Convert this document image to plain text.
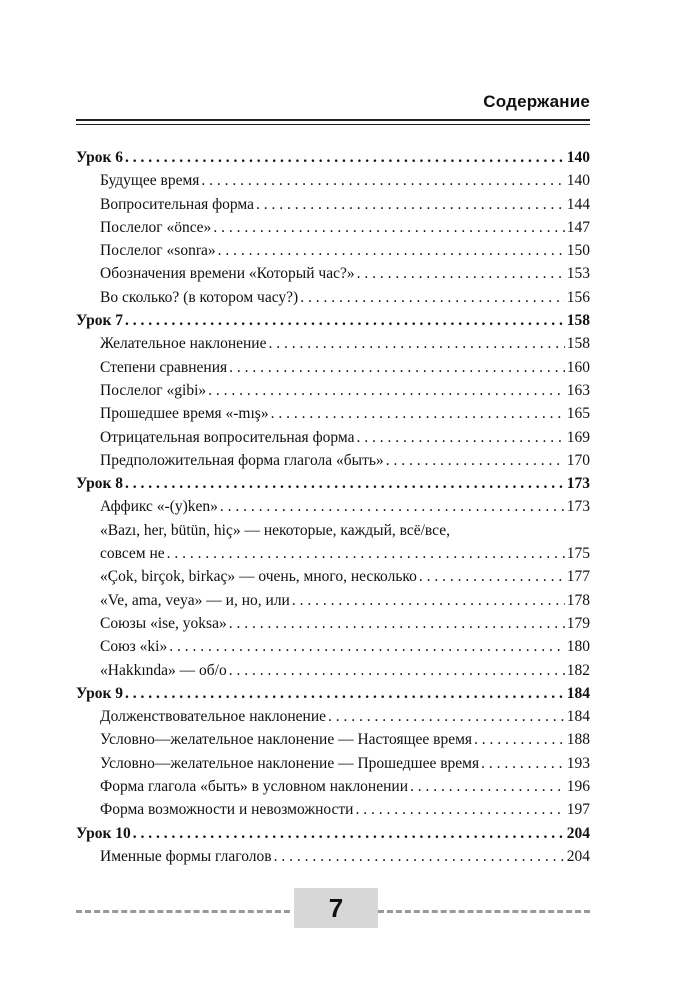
Содержание
Урок 6 . . .	140
Будущее время . . .	140
Вопросительная форма . . .	144
Послелог «önce» . . .	147
Послелог «sonra» . . .	150
Обозначения времени «Который час?» . . .	153
Во сколько? (в котором часу?) . . .	156
Урок 7 . . .	158
Желательное наклонение . . .	158
Степени сравнения . . .	160
Послелог «gibi» . . .	163
Прошедшее время «-mış» . . .	165
Отрицательная вопросительная форма . . .	169
Предположительная форма глагола «быть» . . .	170
Урок 8 . . .	173
Аффикс «-(y)ken» . . .	173
«Bazı, her, bütün, hiç» — некоторые, каждый, всё/все,
совсем не . . .	175
«Çok, birçok, birkaç» — очень, много, несколько . . .	177
«Ve, ama, veya» — и, но, или . . .	178
Союзы «ise, yoksa» . . .	179
Союз «ki» . . .	180
«Hakkında» — об/о . . .	182
Урок 9 . . .	184
Долженствовательное наклонение . . .	184
Условно—желательное наклонение — Настоящее время . . .	188
Условно—желательное наклонение — Прошедшее время . . .	193
Форма глагола «быть» в условном наклонении . . .	196
Форма возможности и невозможности . . .	197
Урок 10 . . .	204
Именные формы глаголов . . .	204
7
